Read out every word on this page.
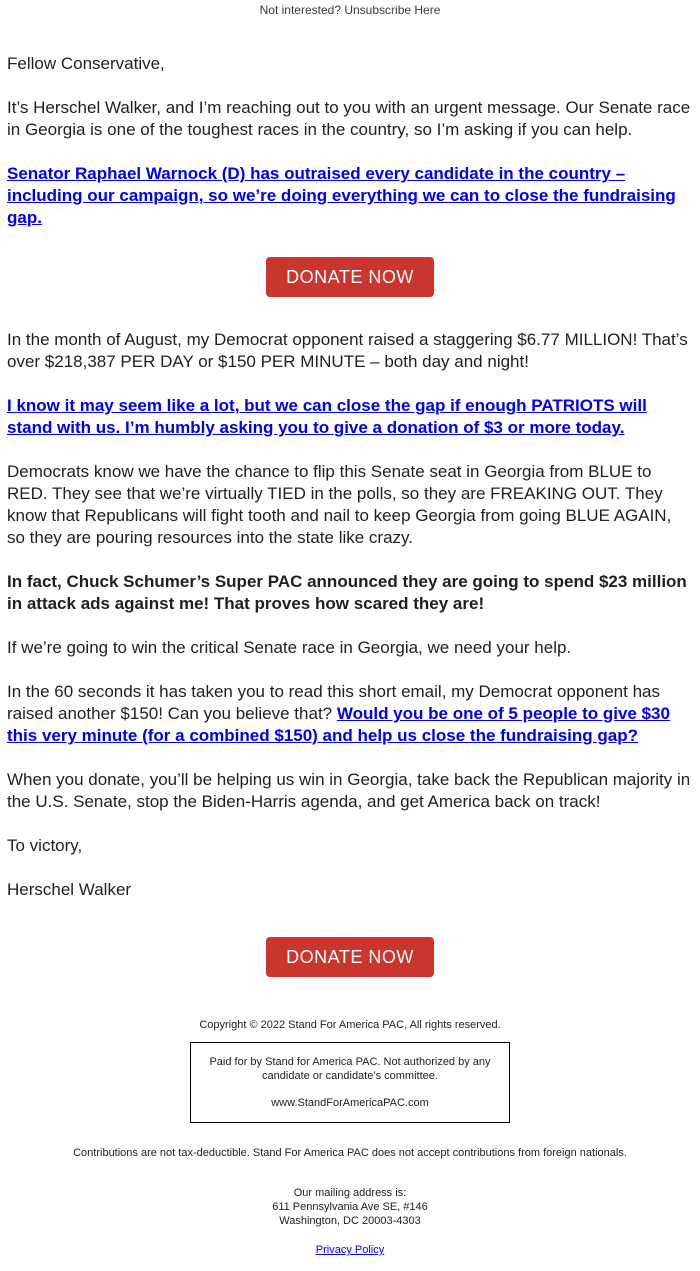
Not interested? Unsubscribe Here

Fellow Conservative,

It’s Herschel Walker, and I’m reaching out to you with an urgent message. Our Senate race in Georgia is one of the toughest races in the country, so I’m asking if you can help.

Senator Raphael Warnock (D) has outraised every candidate in the country – including our campaign, so we’re doing everything we can to close the fundraising gap.

DONATE NOW

In the month of August, my Democrat opponent raised a staggering $6.77 MILLION! That’s over $218,387 PER DAY or $150 PER MINUTE – both day and night!

I know it may seem like a lot, but we can close the gap if enough PATRIOTS will stand with us. I’m humbly asking you to give a donation of $3 or more today.

Democrats know we have the chance to flip this Senate seat in Georgia from BLUE to RED. They see that we’re virtually TIED in the polls, so they are FREAKING OUT. They know that Republicans will fight tooth and nail to keep Georgia from going BLUE AGAIN, so they are pouring resources into the state like crazy.

In fact, Chuck Schumer’s Super PAC announced they are going to spend $23 million in attack ads against me! That proves how scared they are!

If we’re going to win the critical Senate race in Georgia, we need your help.

In the 60 seconds it has taken you to read this short email, my Democrat opponent has raised another $150! Can you believe that? Would you be one of 5 people to give $30 this very minute (for a combined $150) and help us close the fundraising gap?

When you donate, you’ll be helping us win in Georgia, take back the Republican majority in the U.S. Senate, stop the Biden-Harris agenda, and get America back on track!

To victory,

Herschel Walker

DONATE NOW
Copyright © 2022 Stand For America PAC, All rights reserved.
Paid for by Stand for America PAC. Not authorized by any candidate or candidate’s committee.
www.StandForAmericaPAC.com
Contributions are not tax-deductible. Stand For America PAC does not accept contributions from foreign nationals.
Our mailing address is:
611 Pennsylvania Ave SE, #146
Washington, DC 20003-4303
Privacy Policy
